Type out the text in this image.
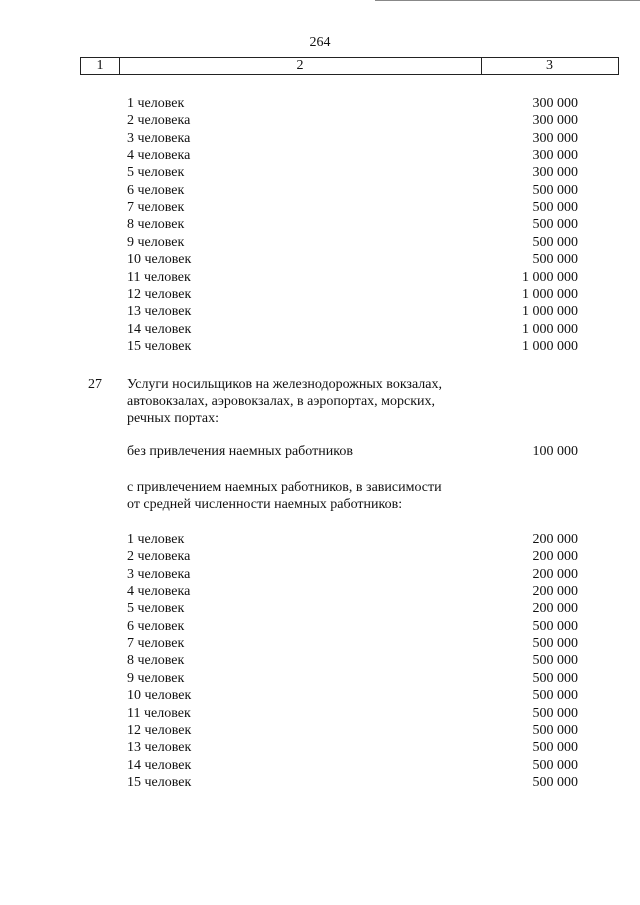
264
1	2	3
1 человек	300 000
2 человека	300 000
3 человека	300 000
4 человека	300 000
5 человек	300 000
6 человек	500 000
7 человек	500 000
8 человек	500 000
9 человек	500 000
10 человек	500 000
11 человек	1 000 000
12 человек	1 000 000
13 человек	1 000 000
14 человек	1 000 000
15 человек	1 000 000
27 Услуги носильщиков на железнодорожных вокзалах,
автовокзалах, аэровокзалах, в аэропортах, морских,
речных портах:
без привлечения наемных работников	100 000
с привлечением наемных работников, в зависимости
от средней численности наемных работников:
1 человек	200 000
2 человека	200 000
3 человека	200 000
4 человека	200 000
5 человек	200 000
6 человек	500 000
7 человек	500 000
8 человек	500 000
9 человек	500 000
10 человек	500 000
11 человек	500 000
12 человек	500 000
13 человек	500 000
14 человек	500 000
15 человек	500 000
